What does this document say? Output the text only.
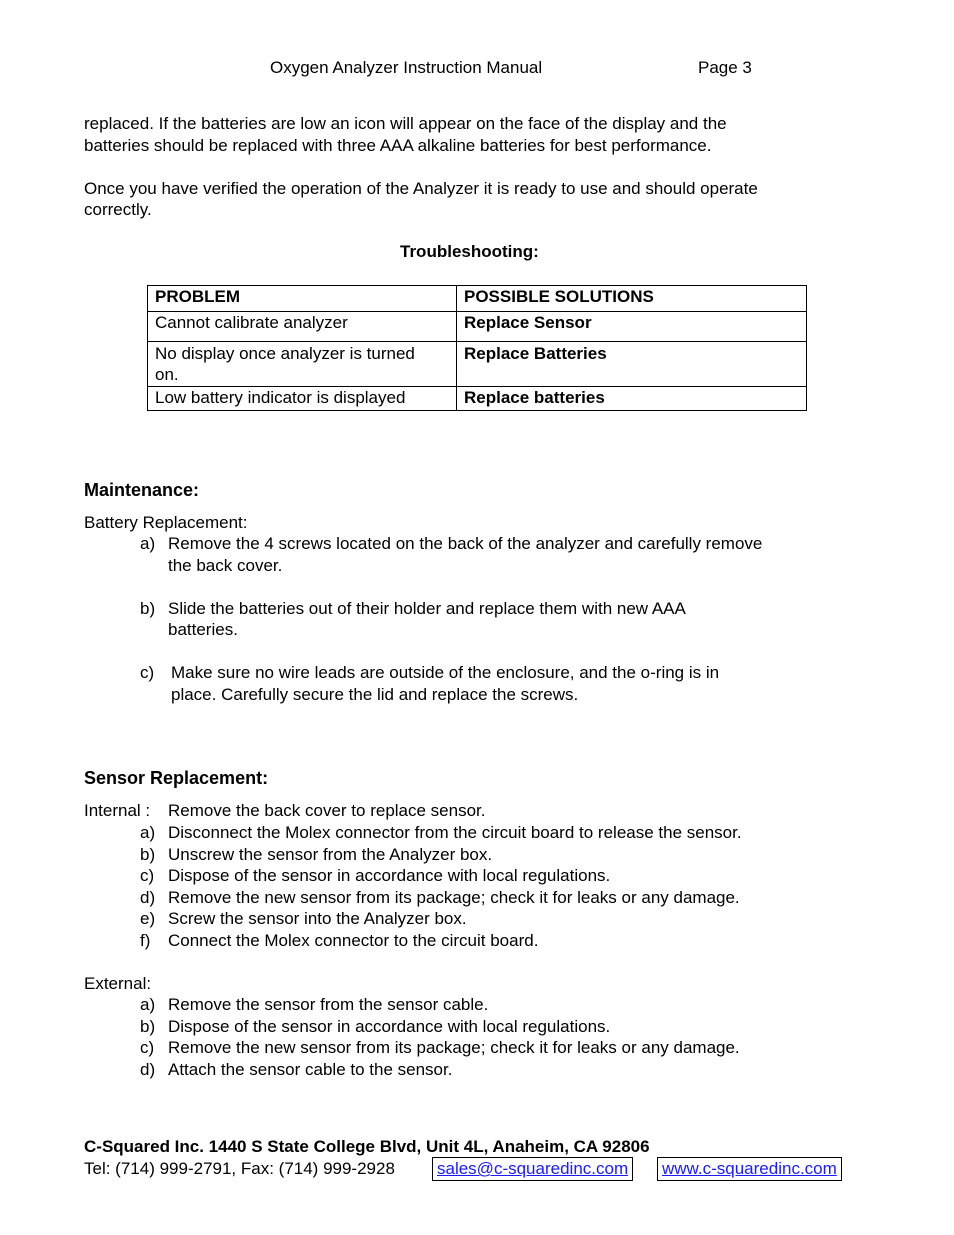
Oxygen Analyzer Instruction Manual	Page 3
replaced. If the batteries are low an icon will appear on the face of the display and the
batteries should be replaced with three AAA alkaline batteries for best performance.
Once you have verified the operation of the Analyzer it is ready to use and should operate
correctly.
Troubleshooting:
PROBLEM	POSSIBLE SOLUTIONS
Cannot calibrate analyzer	Replace Sensor
No display once analyzer is turned
on.	Replace Batteries
Low battery indicator is displayed	Replace batteries
Maintenance:
Battery Replacement:
a) Remove the 4 screws located on the back of the analyzer and carefully remove
the back cover.
b) Slide the batteries out of their holder and replace them with new AAA
batteries.
c) Make sure no wire leads are outside of the enclosure, and the o-ring is in
place. Carefully secure the lid and replace the screws.
Sensor Replacement:
Internal : Remove the back cover to replace sensor.
a) Disconnect the Molex connector from the circuit board to release the sensor.
b) Unscrew the sensor from the Analyzer box.
c) Dispose of the sensor in accordance with local regulations.
d) Remove the new sensor from its package; check it for leaks or any damage.
e) Screw the sensor into the Analyzer box.
f) Connect the Molex connector to the circuit board.
External:
a) Remove the sensor from the sensor cable.
b) Dispose of the sensor in accordance with local regulations.
c) Remove the new sensor from its package; check it for leaks or any damage.
d) Attach the sensor cable to the sensor.
C-Squared Inc. 1440 S State College Blvd, Unit 4L, Anaheim, CA 92806
Tel: (714) 999-2791, Fax: (714) 999-2928 sales@c-squaredinc.com www.c-squaredinc.com
